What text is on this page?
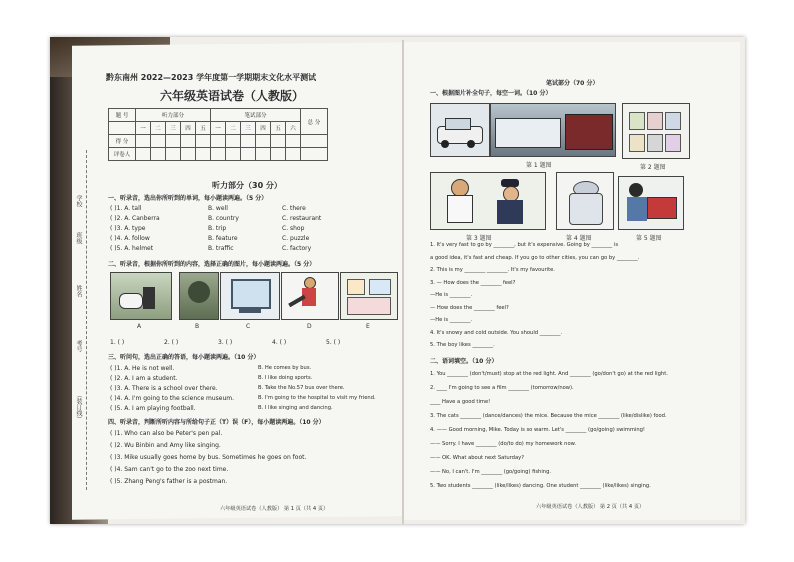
学校
班级
姓名
考号
（装订线）
黔东南州 2022—2023 学年度第一学期期末文化水平测试
六年级英语试卷（人教版）
题 号	听力部分					笔试部分						总 分
	一	二	三	四	五	一	二	三	四	五	六	
得 分												
评卷人												
听力部分（30 分）
一、听录音，选出你所听到的单词，每小题读两遍。（5 分）
( )1. A. tall	B. well	C. there
( )2. A. Canberra	B. country	C. restaurant
( )3. A. type	B. trip	C. shop
( )4. A. follow	B. feature	C. puzzle
( )5. A. helmet	B. traffic	C. factory
二、听录音，根据你所听到的内容，选择正确的图片，每小题读两遍。（5 分）
A	B	C	D	E
1. ( )	2. ( )	3. ( )	4. ( )	5. ( )
三、听问句，选出正确的答语，每小题读两遍。（10 分）
( )1. A. He is not well.	B. He comes by bus.
( )2. A. I am a student.	B. I like doing sports.
( )3. A. There is a school over there.	B. Take the No.57 bus over there.
( )4. A. I'm going to the science museum.	B. I'm going to the hospital to visit my friend.
( )5. A. I am playing football.	B. I like singing and dancing.
四、听录音，判断所听内容与所给句子正（T）误（F），每小题读两遍。（10 分）
( )1. Who can also be Peter's pen pal.
( )2. Wu Binbin and Amy like singing.
( )3. Mike usually goes home by bus. Sometimes he goes on foot.
( )4. Sam can't go to the zoo next time.
( )5. Zhang Peng's father is a postman.
六年级英语试卷（人教版） 第 1 页（共 4 页）
笔试部分（70 分）
一、根据图片补全句子，每空一词。（10 分）
第 1 题图	第 2 题图
第 3 题图	第 4 题图	第 5 题图
1. It's very fast to go by ________, but it's expensive. Going by ________ is
a good idea, it's fast and cheap. If you go to other cities, you can go by ________.
2. This is my ________ ________. It's my favourite.
3. — How does the ________ feel?
—He is ________.
— How does the ________ feel?
—He is ________.
4. It's snowy and cold outside. You should ________.
5. The boy likes ________.
二、语词填空。（10 分）
1. You ________ (don't/must) stop at the red light. And ________ (go/don't go) at the red light.
2. ____ I'm going to see a film ________ (tomorrow/now).
____ Have a good time!
3. The cats ________ (dance/dances) the mice. Because the mice ________ (like/dislike) food.
4. —— Good morning, Mike. Today is so warm. Let's ________ (go/going) swimming!
—— Sorry. I have ________ (do/to do) my homework now.
—— OK. What about next Saturday?
—— No, I can't. I'm ________ (go/going) fishing.
5. Two students ________ (like/likes) dancing. One student ________ (like/likes) singing.
六年级英语试卷（人教版） 第 2 页（共 4 页）
